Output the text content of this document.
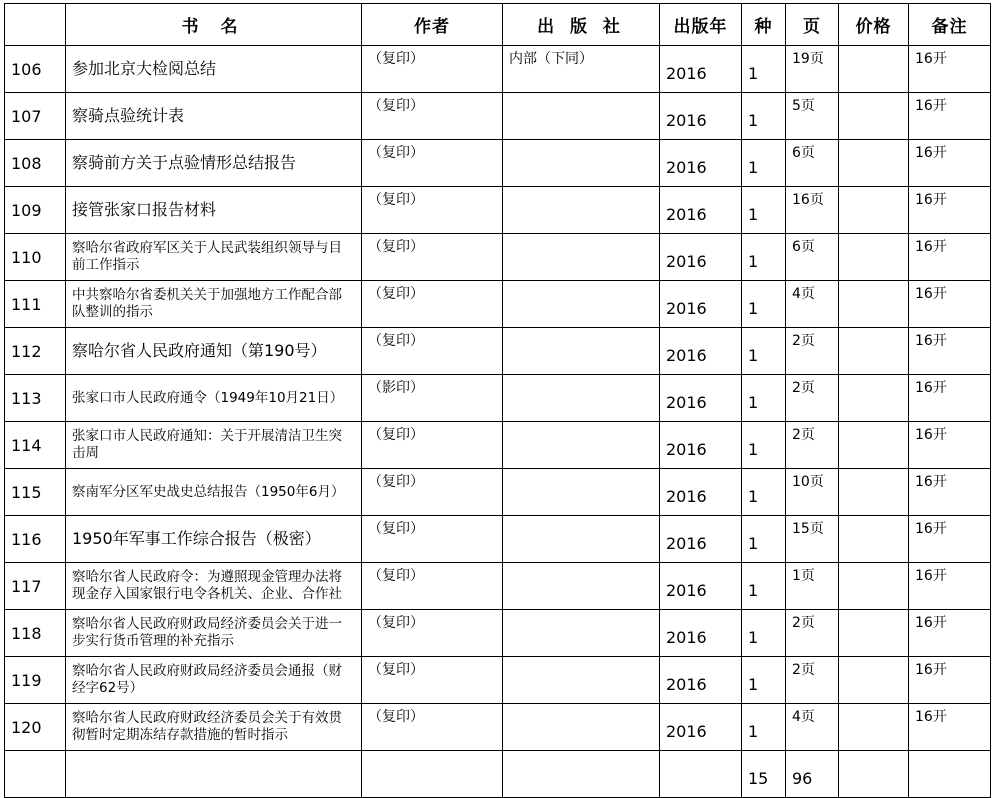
	书 名	作者	出 版 社	出版年	种	页	价格	备注
106	参加北京大检阅总结	（复印）	内部（下同）	2016	1	19页		16开
107	察骑点验统计表	（复印）		2016	1	5页		16开
108	察骑前方关于点验情形总结报告	（复印）		2016	1	6页		16开
109	接管张家口报告材料	（复印）		2016	1	16页		16开
110	察哈尔省政府军区关于人民武装组织领导与目前工作指示	（复印）		2016	1	6页		16开
111	中共察哈尔省委机关关于加强地方工作配合部队整训的指示	（复印）		2016	1	4页		16开
112	察哈尔省人民政府通知（第190号）	（复印）		2016	1	2页		16开
113	张家口市人民政府通令（1949年10月21日）	（影印）		2016	1	2页		16开
114	张家口市人民政府通知：关于开展清洁卫生突击周	（复印）		2016	1	2页		16开
115	察南军分区军史战史总结报告（1950年6月）	（复印）		2016	1	10页		16开
116	1950年军事工作综合报告（极密）	（复印）		2016	1	15页		16开
117	察哈尔省人民政府令：为遵照现金管理办法将现金存入国家银行电令各机关、企业、合作社	（复印）		2016	1	1页		16开
118	察哈尔省人民政府财政局经济委员会关于进一步实行货币管理的补充指示	（复印）		2016	1	2页		16开
119	察哈尔省人民政府财政局经济委员会通报（财经字62号）	（复印）		2016	1	2页		16开
120	察哈尔省人民政府财政经济委员会关于有效贯彻暂时定期冻结存款措施的暂时指示	（复印）		2016	1	4页		16开
					15	96		
